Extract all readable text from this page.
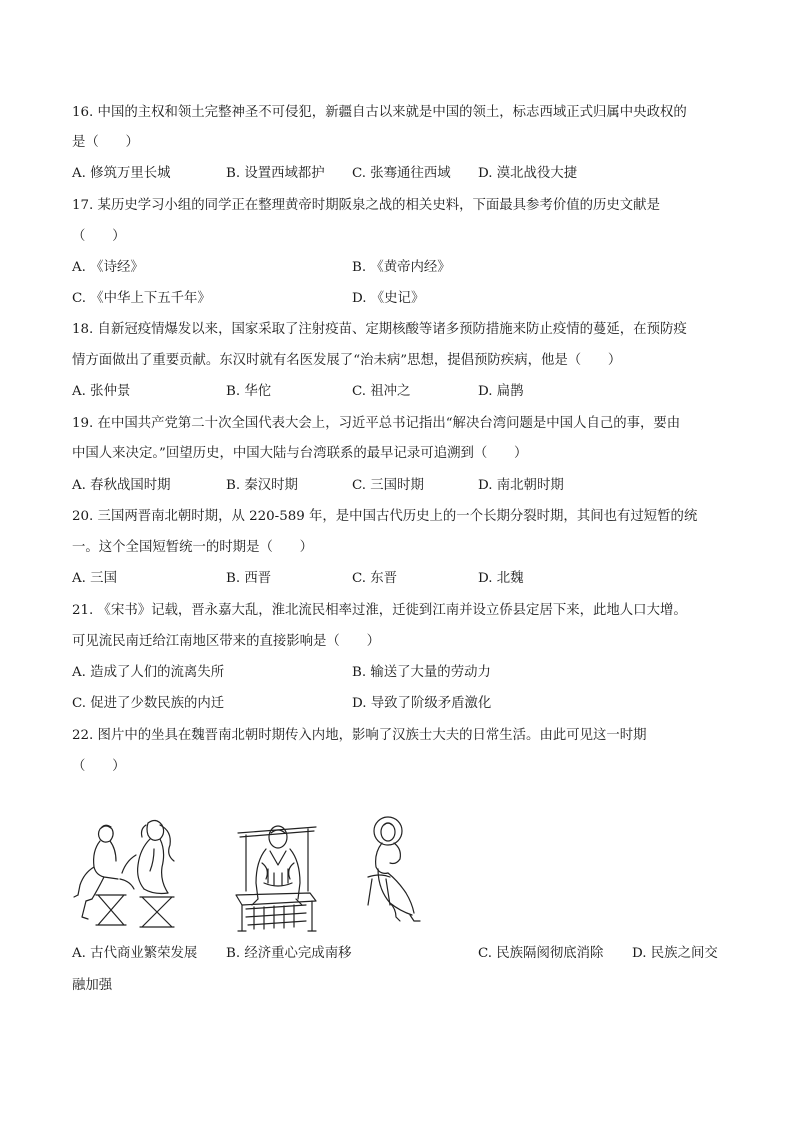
16. 中国的主权和领土完整神圣不可侵犯，新疆自古以来就是中国的领土，标志西域正式归属中央政权的
是（　　）
A. 修筑万里长城	B. 设置西域都护 C. 张骞通往西域 D. 漠北战役大捷
17. 某历史学习小组的同学正在整理黄帝时期阪泉之战的相关史料，下面最具参考价值的历史文献是
（　　）
A. 《诗经》	B. 《黄帝内经》
C. 《中华上下五千年》	D. 《史记》
18. 自新冠疫情爆发以来，国家采取了注射疫苗、定期核酸等诸多预防措施来防止疫情的蔓延，在预防疫
情方面做出了重要贡献。东汉时就有名医发展了“治未病”思想，提倡预防疾病，他是（　　）
A. 张仲景	B. 华佗	C. 祖冲之	D. 扁鹊
19. 在中国共产党第二十次全国代表大会上，习近平总书记指出“解决台湾问题是中国人自己的事，要由
中国人来决定。”回望历史，中国大陆与台湾联系的最早记录可追溯到（　　）
A. 春秋战国时期	B. 秦汉时期	C. 三国时期	D. 南北朝时期
20. 三国两晋南北朝时期，从 220-589 年，是中国古代历史上的一个长期分裂时期，其间也有过短暂的统
一。这个全国短暂统一的时期是（　　）
A. 三国	B. 西晋	C. 东晋	D. 北魏
21. 《宋书》记载，晋永嘉大乱，淮北流民相率过淮，迁徙到江南并设立侨县定居下来，此地人口大增。
可见流民南迁给江南地区带来的直接影响是（　　）
A. 造成了人们的流离失所	B. 输送了大量的劳动力
C. 促进了少数民族的内迁	D. 导致了阶级矛盾激化
22. 图片中的坐具在魏晋南北朝时期传入内地，影响了汉族士大夫的日常生活。由此可见这一时期
（　　）
A. 古代商业繁荣发展 B. 经济重心完成南移	C. 民族隔阂彻底消除 D. 民族之间交
融加强
